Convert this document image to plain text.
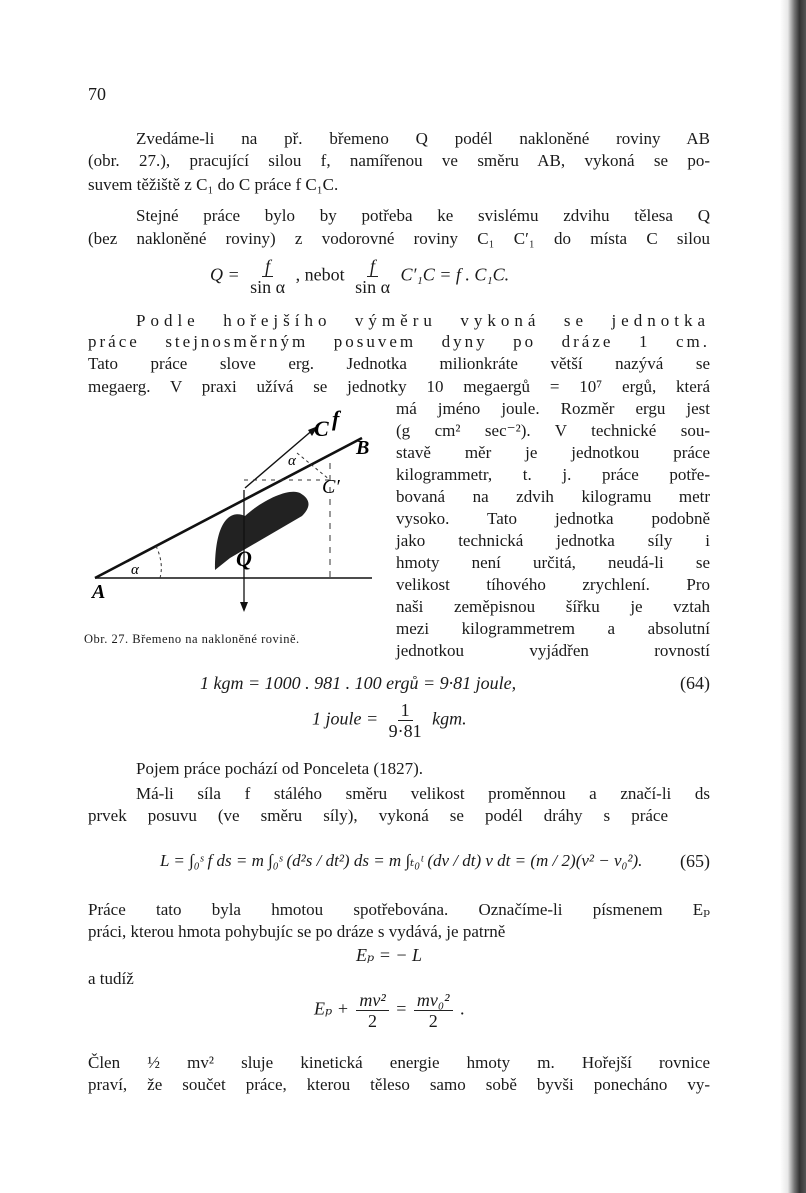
70
Zvedáme-li na př. břemeno Q podél nakloněné roviny AB
(obr. 27.), pracující silou f, namířenou ve směru AB, vykoná se po-
suvem těžiště z C₁ do C práce f C₁C.
Stejné práce bylo by potřeba ke svislému zdvihu tělesa Q
(bez nakloněné roviny) z vodorovné roviny C₁ C′₁ do místa C silou
$Q = \frac{f}{\text{sin α}}$ , nebot $\frac{f}{\text{sin α}} C'_1C = f$ . C₁C.
Podle hořejšího výměru vykoná se jednotka
práce stejnosměrným posuvem dyny po dráze 1 cm.
Tato práce slove erg. Jednotka milionkráte větší nazývá se
megaerg. V praxi užívá se jednotky 10 megaergů = 10⁷ ergů, která
A
B
C f
C	C′
Q
α
α
Obr. 27. Břemeno na nakloněné rovině.
má jméno joule. Rozměr ergu jest
(g cm² sec⁻²). V technické sou-
stavě měr je jednotkou práce
kilogrammetr, t. j. práce potře-
bovaná na zdvih kilogramu metr
vysoko. Tato jednotka podobně
jako technická jednotka síly i
hmoty není určitá, neudá-li se
velikost tíhového zrychlení. Pro
naši zeměpisnou šířku je vztah
mezi kilogrammetrem a absolutní
jednotkou vyjádřen rovností
1 kgm = 1000 . 981 . 100 ergů = 9·81 joule,	(64)
1 joule = $\frac{1}{9\cdot 81}$ kgm.
Pojem práce pochází od Ponceleta (1827).
Má-li síla f stálého směru velikost proměnnou a značí-li ds
prvek posuvu (ve směru síly), vykoná se podél dráhy s práce
L = ∫₀ˢ f ds = m ∫₀ˢ (d²s / dt²) ds = m ∫ₜ₀ᵗ (dv / dt) v dt = (m / 2)(v² − v₀²). (65)
Práce tato byla hmotou spotřebována. Označíme-li písmenem Eₚ
práci, kterou hmota pohybujíc se po dráze s vydává, je patrně
Eₚ = − L
a tudíž
$E_p + \frac{\text{mv²}}{2} = \frac{\text{mv₀²}}{2}$ .
Člen ½ mv² sluje kinetická energie hmoty m. Hořejší rovnice
praví, že součet práce, kterou těleso samo sobě byvši ponecháno vy-
